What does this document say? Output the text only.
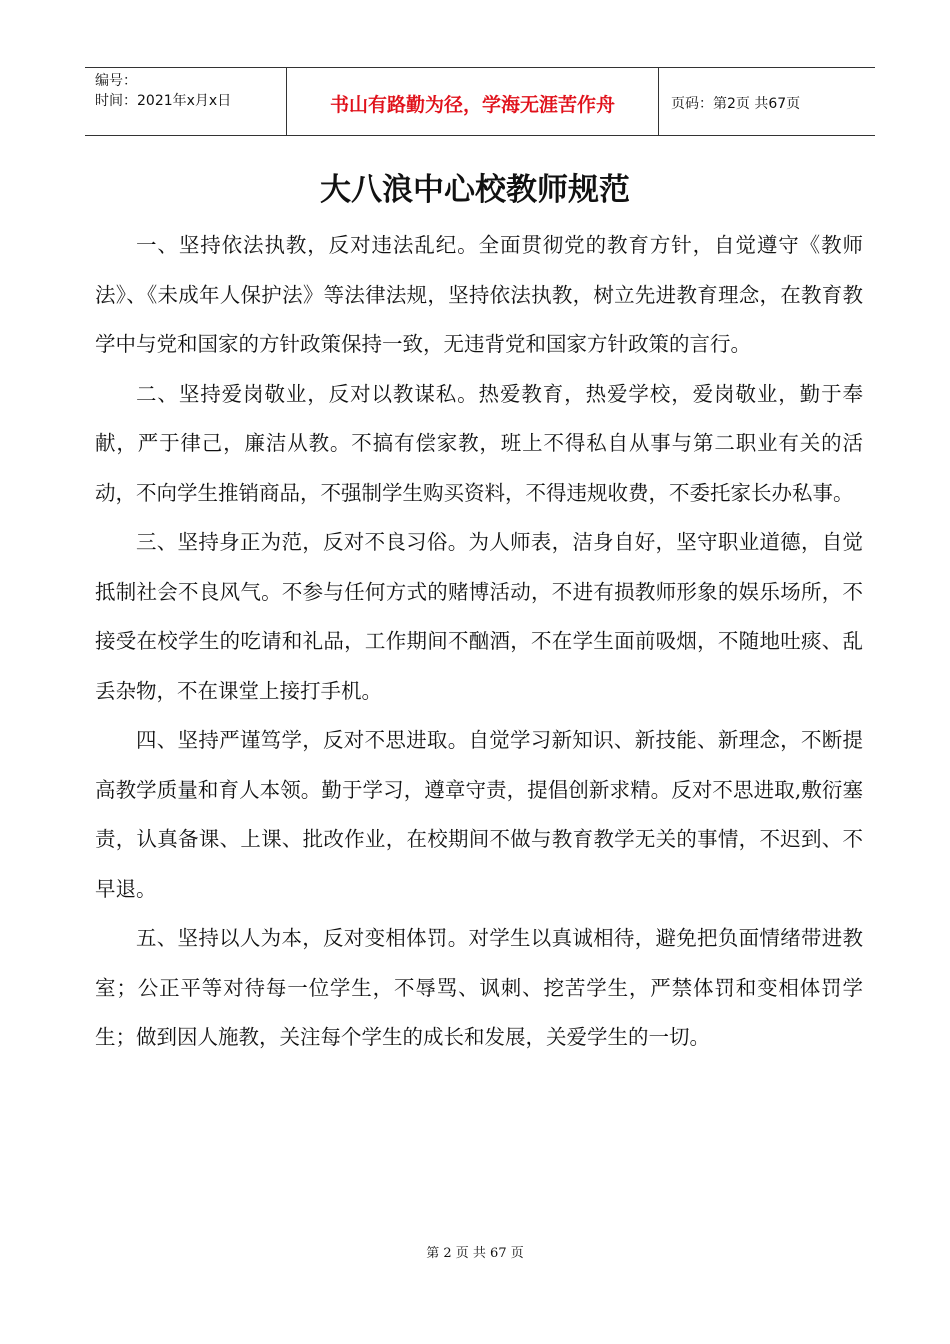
编号：
时间：2021年x月x日	书山有路勤为径，学海无涯苦作舟	页码：第2页 共67页
大八浪中心校教师规范

一、坚持依法执教，反对违法乱纪。全面贯彻党的教育方针，自觉遵守《教师法》、《未成年人保护法》等法律法规，坚持依法执教，树立先进教育理念，在教育教学中与党和国家的方针政策保持一致，无违背党和国家方针政策的言行。

二、坚持爱岗敬业，反对以教谋私。热爱教育，热爱学校，爱岗敬业，勤于奉献，严于律己，廉洁从教。不搞有偿家教，班上不得私自从事与第二职业有关的活动，不向学生推销商品，不强制学生购买资料，不得违规收费，不委托家长办私事。

三、坚持身正为范，反对不良习俗。为人师表，洁身自好，坚守职业道德，自觉抵制社会不良风气。不参与任何方式的赌博活动，不进有损教师形象的娱乐场所，不接受在校学生的吃请和礼品，工作期间不酗酒，不在学生面前吸烟，不随地吐痰、乱丢杂物，不在课堂上接打手机。

四、坚持严谨笃学，反对不思进取。自觉学习新知识、新技能、新理念，不断提高教学质量和育人本领。勤于学习，遵章守责，提倡创新求精。反对不思进取,敷衍塞责，认真备课、上课、批改作业，在校期间不做与教育教学无关的事情，不迟到、不早退。

五、坚持以人为本，反对变相体罚。对学生以真诚相待，避免把负面情绪带进教室；公正平等对待每一位学生，不辱骂、讽刺、挖苦学生，严禁体罚和变相体罚学生；做到因人施教，关注每个学生的成长和发展，关爱学生的一切。

第 2 页 共 67 页
